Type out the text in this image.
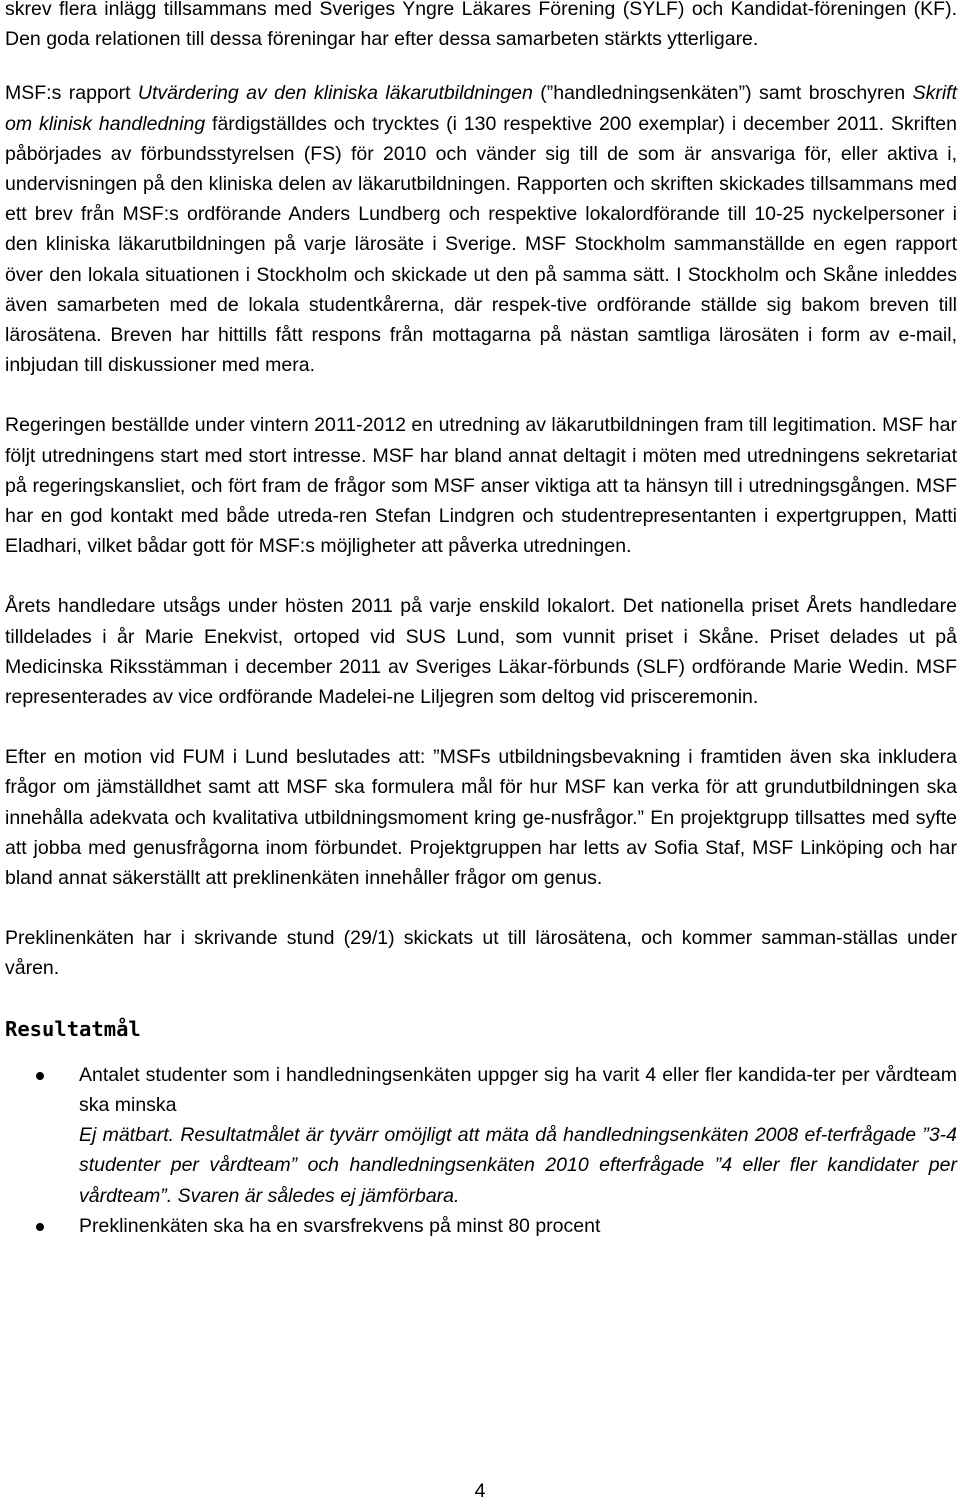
skrev flera inlägg tillsammans med Sveriges Yngre Läkares Förening (SYLF) och Kandidat-föreningen (KF). Den goda relationen till dessa föreningar har efter dessa samarbeten stärkts ytterligare.

MSF:s rapport Utvärdering av den kliniska läkarutbildningen (”handledningsenkäten”) samt broschyren Skrift om klinisk handledning färdigställdes och trycktes (i 130 respektive 200 exemplar) i december 2011. Skriften påbörjades av förbundsstyrelsen (FS) för 2010 och vänder sig till de som är ansvariga för, eller aktiva i, undervisningen på den kliniska delen av läkarutbildningen. Rapporten och skriften skickades tillsammans med ett brev från MSF:s ordförande Anders Lundberg och respektive lokalordförande till 10-25 nyckelpersoner i den kliniska läkarutbildningen på varje lärosäte i Sverige. MSF Stockholm sammanställde en egen rapport över den lokala situationen i Stockholm och skickade ut den på samma sätt. I Stockholm och Skåne inleddes även samarbeten med de lokala studentkårerna, där respek-tive ordförande ställde sig bakom breven till lärosätena. Breven har hittills fått respons från mottagarna på nästan samtliga lärosäten i form av e-mail, inbjudan till diskussioner med mera.

Regeringen beställde under vintern 2011-2012 en utredning av läkarutbildningen fram till legitimation. MSF har följt utredningens start med stort intresse. MSF har bland annat deltagit i möten med utredningens sekretariat på regeringskansliet, och fört fram de frågor som MSF anser viktiga att ta hänsyn till i utredningsgången. MSF har en god kontakt med både utreda-ren Stefan Lindgren och studentrepresentanten i expertgruppen, Matti Eladhari, vilket bådar gott för MSF:s möjligheter att påverka utredningen.

Årets handledare utsågs under hösten 2011 på varje enskild lokalort. Det nationella priset Årets handledare tilldelades i år Marie Enekvist, ortoped vid SUS Lund, som vunnit priset i Skåne. Priset delades ut på Medicinska Riksstämman i december 2011 av Sveriges Läkar-förbunds (SLF) ordförande Marie Wedin. MSF representerades av vice ordförande Madelei-ne Liljegren som deltog vid prisceremonin.

Efter en motion vid FUM i Lund beslutades att: ”MSFs utbildningsbevakning i framtiden även ska inkludera frågor om jämställdhet samt att MSF ska formulera mål för hur MSF kan verka för att grundutbildningen ska innehålla adekvata och kvalitativa utbildningsmoment kring ge-nusfrågor.” En projektgrupp tillsattes med syfte att jobba med genusfrågorna inom förbundet. Projektgruppen har letts av Sofia Staf, MSF Linköping och har bland annat säkerställt att preklinenkäten innehåller frågor om genus.

Preklinenkäten har i skrivande stund (29/1) skickats ut till lärosätena, och kommer samman-ställas under våren.

Resultatmål
Antalet studenter som i handledningsenkäten uppger sig ha varit 4 eller fler kandida-ter per vårdteam ska minska
Ej mätbart. Resultatmålet är tyvärr omöjligt att mäta då handledningsenkäten 2008 ef-terfrågade ”3-4 studenter per vårdteam” och handledningsenkäten 2010 efterfrågade ”4 eller fler kandidater per vårdteam”. Svaren är således ej jämförbara.
Preklinenkäten ska ha en svarsfrekvens på minst 80 procent
4
